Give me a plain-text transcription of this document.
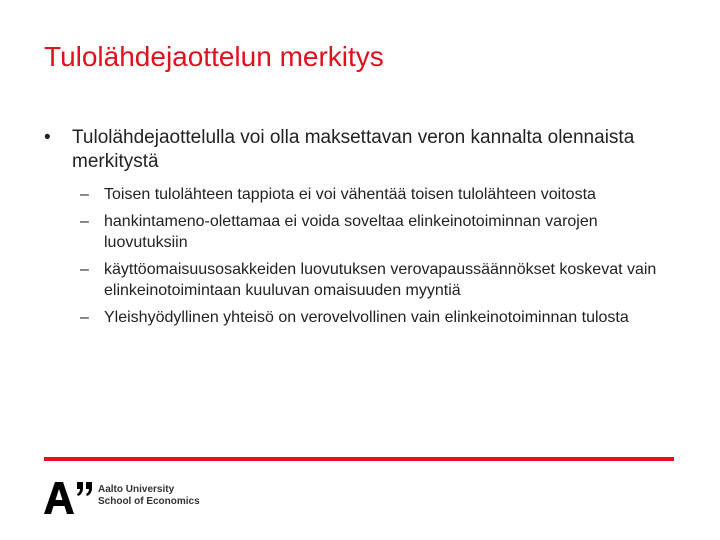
Tulolähdejaottelun merkitys
•	Tulolähdejaottelulla voi olla maksettavan veron kannalta olennaista merkitystä
– Toisen tulolähteen tappiota ei voi vähentää toisen tulolähteen voitosta
– hankintameno-olettamaa ei voida soveltaa elinkeinotoiminnan varojen luovutuksiin
– käyttöomaisuusosakkeiden luovutuksen verovapaussäännökset koskevat vain elinkeinotoimintaan kuuluvan omaisuuden myyntiä
– Yleishyödyllinen yhteisö on verovelvollinen vain elinkeinotoiminnan tulosta
Aalto University
School of Economics
